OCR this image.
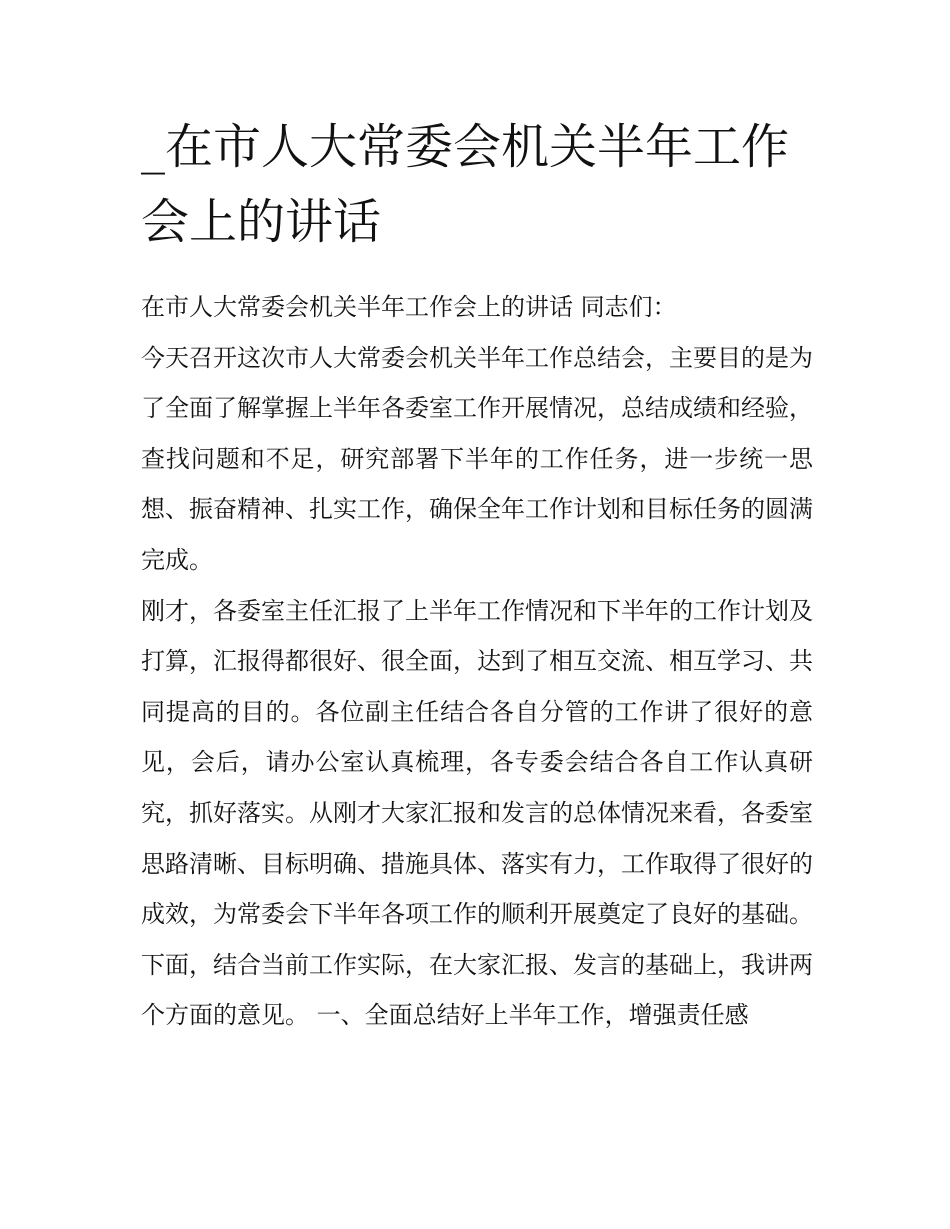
_在市人大常委会机关半年工作会上的讲话

在市人大常委会机关半年工作会上的讲话 同志们：

今天召开这次市人大常委会机关半年工作总结会，主要目的是为了全面了解掌握上半年各委室工作开展情况，总结成绩和经验，查找问题和不足，研究部署下半年的工作任务，进一步统一思想、振奋精神、扎实工作，确保全年工作计划和目标任务的圆满完成。

刚才，各委室主任汇报了上半年工作情况和下半年的工作计划及打算，汇报得都很好、很全面，达到了相互交流、相互学习、共同提高的目的。各位副主任结合各自分管的工作讲了很好的意见，会后，请办公室认真梳理，各专委会结合各自工作认真研究，抓好落实。从刚才大家汇报和发言的总体情况来看，各委室思路清晰、目标明确、措施具体、落实有力，工作取得了很好的成效，为常委会下半年各项工作的顺利开展奠定了良好的基础。

下面，结合当前工作实际，在大家汇报、发言的基础上，我讲两个方面的意见。 一、全面总结好上半年工作，增强责任感
